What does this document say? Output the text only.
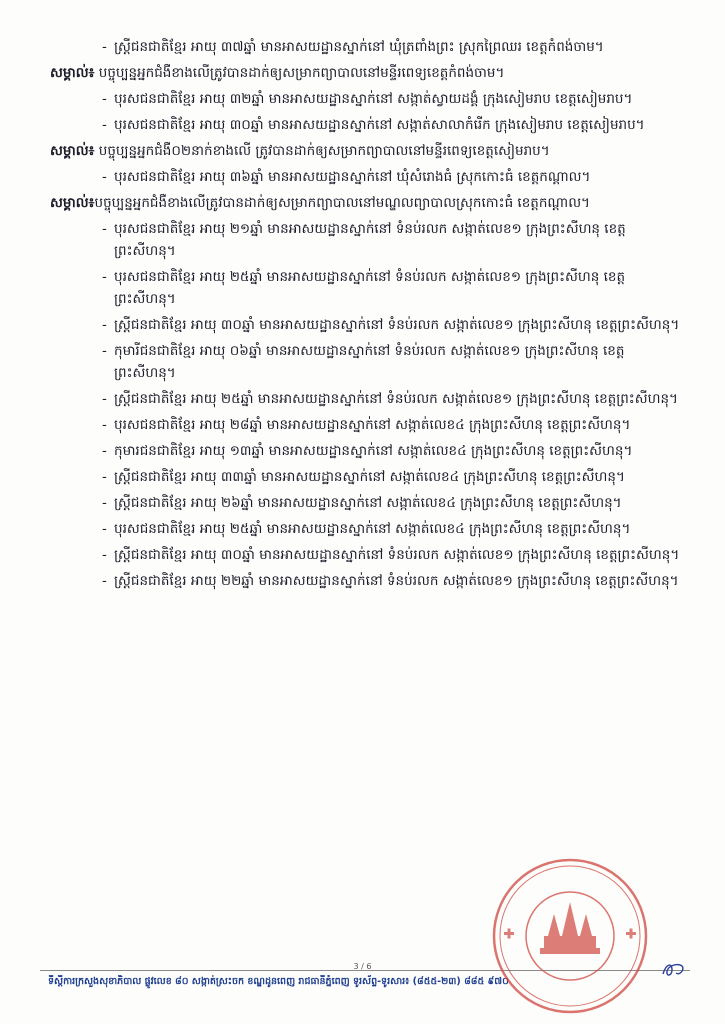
- ស្ត្រីជនជាតិខ្មែរ អាយុ ៣៧ឆ្នាំ មានអាសយដ្ឋានស្នាក់នៅ ឃុំត្រពាំងព្រះ ស្រុកព្រៃឈរ ខេត្តកំពង់ចាម។
សម្គាល់៖ បច្ចុប្បន្នអ្នកជំងឺខាងលើត្រូវបានដាក់ឲ្យសម្រាកព្យាបាលនៅមន្ទីរពេទ្យខេត្តកំពង់ចាម។
- បុរសជនជាតិខ្មែរ អាយុ ៣២ឆ្នាំ មានអាសយដ្ឋានស្នាក់នៅ សង្កាត់ស្វាយដង្គំ ក្រុងសៀមរាប ខេត្តសៀមរាប។
- បុរសជនជាតិខ្មែរ អាយុ ៣០ឆ្នាំ មានអាសយដ្ឋានស្នាក់នៅ សង្កាត់សាលាកំរើក ក្រុងសៀមរាប ខេត្តសៀមរាប។
សម្គាល់៖ បច្ចុប្បន្នអ្នកជំងឺ០២នាក់ខាងលើ ត្រូវបានដាក់ឲ្យសម្រាកព្យាបាលនៅមន្ទីរពេទ្យខេត្តសៀមរាប។
- បុរសជនជាតិខ្មែរ អាយុ ៣៦ឆ្នាំ មានអាសយដ្ឋានស្នាក់នៅ ឃុំសំរោងធំ ស្រុកកោះធំ ខេត្តកណ្តាល។
សម្គាល់៖បច្ចុប្បន្នអ្នកជំងឺខាងលើត្រូវបានដាក់ឲ្យសម្រាកព្យាបាលនៅមណ្ឌលព្យាបាលស្រុកកោះធំ ខេត្តកណ្តាល។
- បុរសជនជាតិខ្មែរ អាយុ ២១ឆ្នាំ មានអាសយដ្ឋានស្នាក់នៅ ទំនប់រលក សង្កាត់លេខ១ ក្រុងព្រះសីហនុ ខេត្តព្រះសីហនុ។
- បុរសជនជាតិខ្មែរ អាយុ ២៥ឆ្នាំ មានអាសយដ្ឋានស្នាក់នៅ ទំនប់រលក សង្កាត់លេខ១ ក្រុងព្រះសីហនុ ខេត្តព្រះសីហនុ។
- ស្ត្រីជនជាតិខ្មែរ អាយុ ៣០ឆ្នាំ មានអាសយដ្ឋានស្នាក់នៅ ទំនប់រលក សង្កាត់លេខ១ ក្រុងព្រះសីហនុ ខេត្តព្រះសីហនុ។
- កុមារីជនជាតិខ្មែរ អាយុ ០៦ឆ្នាំ មានអាសយដ្ឋានស្នាក់នៅ ទំនប់រលក សង្កាត់លេខ១ ក្រុងព្រះសីហនុ ខេត្តព្រះសីហនុ។
- ស្ត្រីជនជាតិខ្មែរ អាយុ ២៥ឆ្នាំ មានអាសយដ្ឋានស្នាក់នៅ ទំនប់រលក សង្កាត់លេខ១ ក្រុងព្រះសីហនុ ខេត្តព្រះសីហនុ។
- បុរសជនជាតិខ្មែរ អាយុ ២៨ឆ្នាំ មានអាសយដ្ឋានស្នាក់នៅ សង្កាត់លេខ៤ ក្រុងព្រះសីហនុ ខេត្តព្រះសីហនុ។
- កុមារជនជាតិខ្មែរ អាយុ ១៣ឆ្នាំ មានអាសយដ្ឋានស្នាក់នៅ សង្កាត់លេខ៤ ក្រុងព្រះសីហនុ ខេត្តព្រះសីហនុ។
- ស្ត្រីជនជាតិខ្មែរ អាយុ ៣៣ឆ្នាំ មានអាសយដ្ឋានស្នាក់នៅ សង្កាត់លេខ៤ ក្រុងព្រះសីហនុ ខេត្តព្រះសីហនុ។
- ស្ត្រីជនជាតិខ្មែរ អាយុ ២៦ឆ្នាំ មានអាសយដ្ឋានស្នាក់នៅ សង្កាត់លេខ៤ ក្រុងព្រះសីហនុ ខេត្តព្រះសីហនុ។
- បុរសជនជាតិខ្មែរ អាយុ ២៥ឆ្នាំ មានអាសយដ្ឋានស្នាក់នៅ សង្កាត់លេខ៤ ក្រុងព្រះសីហនុ ខេត្តព្រះសីហនុ។
- ស្ត្រីជនជាតិខ្មែរ អាយុ ៣០ឆ្នាំ មានអាសយដ្ឋានស្នាក់នៅ ទំនប់រលក សង្កាត់លេខ១ ក្រុងព្រះសីហនុ ខេត្តព្រះសីហនុ។
- ស្ត្រីជនជាតិខ្មែរ អាយុ ២២ឆ្នាំ មានអាសយដ្ឋានស្នាក់នៅ ទំនប់រលក សង្កាត់លេខ១ ក្រុងព្រះសីហនុ ខេត្តព្រះសីហនុ។
3 / 6
ទីស្តីការក្រសួងសុខាភិបាល ផ្លូវលេខ ៨០ សង្កាត់ស្រះចក ខណ្ឌដូនពេញ រាជធានីភ្នំពេញ ទូរស័ព្ទ-ទូរសារ៖ (៨៥៥-២៣) ៨៨៥ ៩៧០
